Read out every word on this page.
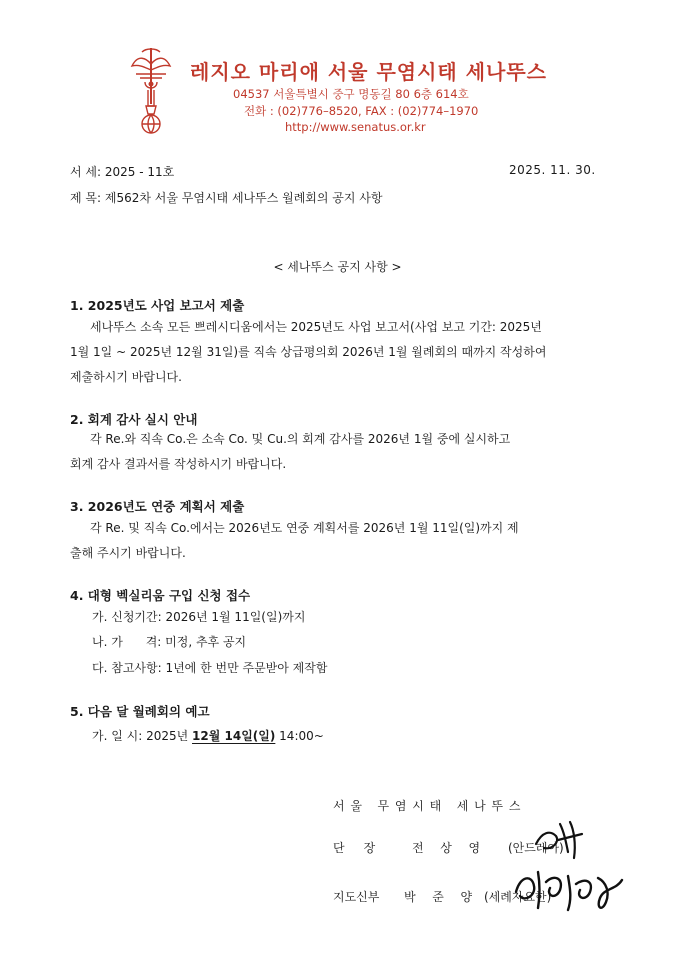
레지오 마리애 서울 무염시태 세나뚜스
04537 서울특별시 중구 명동길 80 6층 614호
전화 : (02)776–8520, FAX : (02)774–1970
http://www.senatus.or.kr
서 세: 2025 - 11호	2025. 11. 30.
제 목: 제562차 서울 무염시태 세나뚜스 월례회의 공지 사항
< 세나뚜스 공지 사항 >
1. 2025년도 사업 보고서 제출
세나뚜스 소속 모든 쁘레시디움에서는 2025년도 사업 보고서(사업 보고 기간: 2025년
1월 1일 ~ 2025년 12월 31일)를 직속 상급평의회 2026년 1월 월례회의 때까지 작성하여
제출하시기 바랍니다.
2. 회계 감사 실시 안내
각 Re.와 직속 Co.은 소속 Co. 및 Cu.의 회계 감사를 2026년 1월 중에 실시하고
회계 감사 결과서를 작성하시기 바랍니다.
3. 2026년도 연중 계획서 제출
각 Re. 및 직속 Co.에서는 2026년도 연중 계획서를 2026년 1월 11일(일)까지 제
출해 주시기 바랍니다.
4. 대형 벡실리움 구입 신청 접수
가. 신청기간: 2026년 1월 11일(일)까지
나. 가      격: 미정, 추후 공지
다. 참고사항: 1년에 한 번만 주문받아 제작함
5. 다음 달 월례회의 예고
가. 일 시: 2025년 12월 14일(일) 14:00~
서 울   무 염 시 태   세 나 뚜 스
단     장	전  상  영 (안드레아)
지도신부 박  준  양 (세례자요한)
